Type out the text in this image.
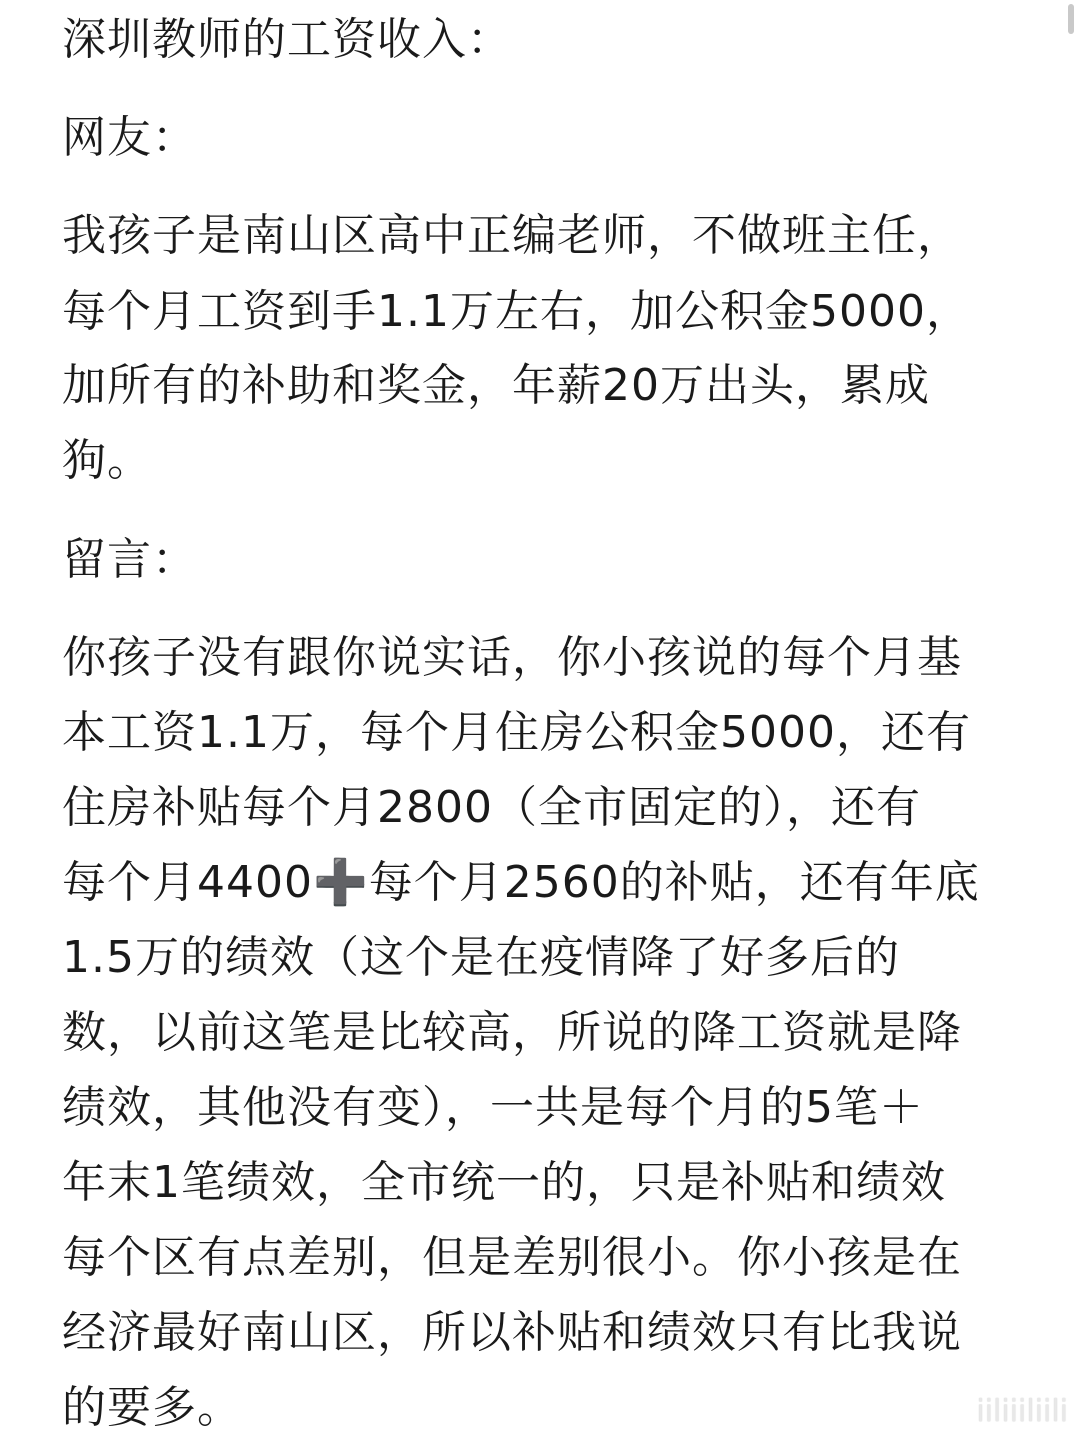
深圳教师的工资收入：

网友：

我孩子是南山区高中正编老师，不做班主任，

每个月工资到手1.1万左右，加公积金5000，

加所有的补助和奖金，年薪20万出头，累成

狗。

留言：

你孩子没有跟你说实话，你小孩说的每个月基

本工资1.1万，每个月住房公积金5000，还有

住房补贴每个月2800（全市固定的），还有

每个月4400➕每个月2560的补贴，还有年底

1.5万的绩效（这个是在疫情降了好多后的

数，以前这笔是比较高，所说的降工资就是降

绩效，其他没有变），一共是每个月的5笔＋

年末1笔绩效，全市统一的，只是补贴和绩效

每个区有点差别，但是差别很小。你小孩是在

经济最好南山区，所以补贴和绩效只有比我说

的要多。	iiliiiliili
